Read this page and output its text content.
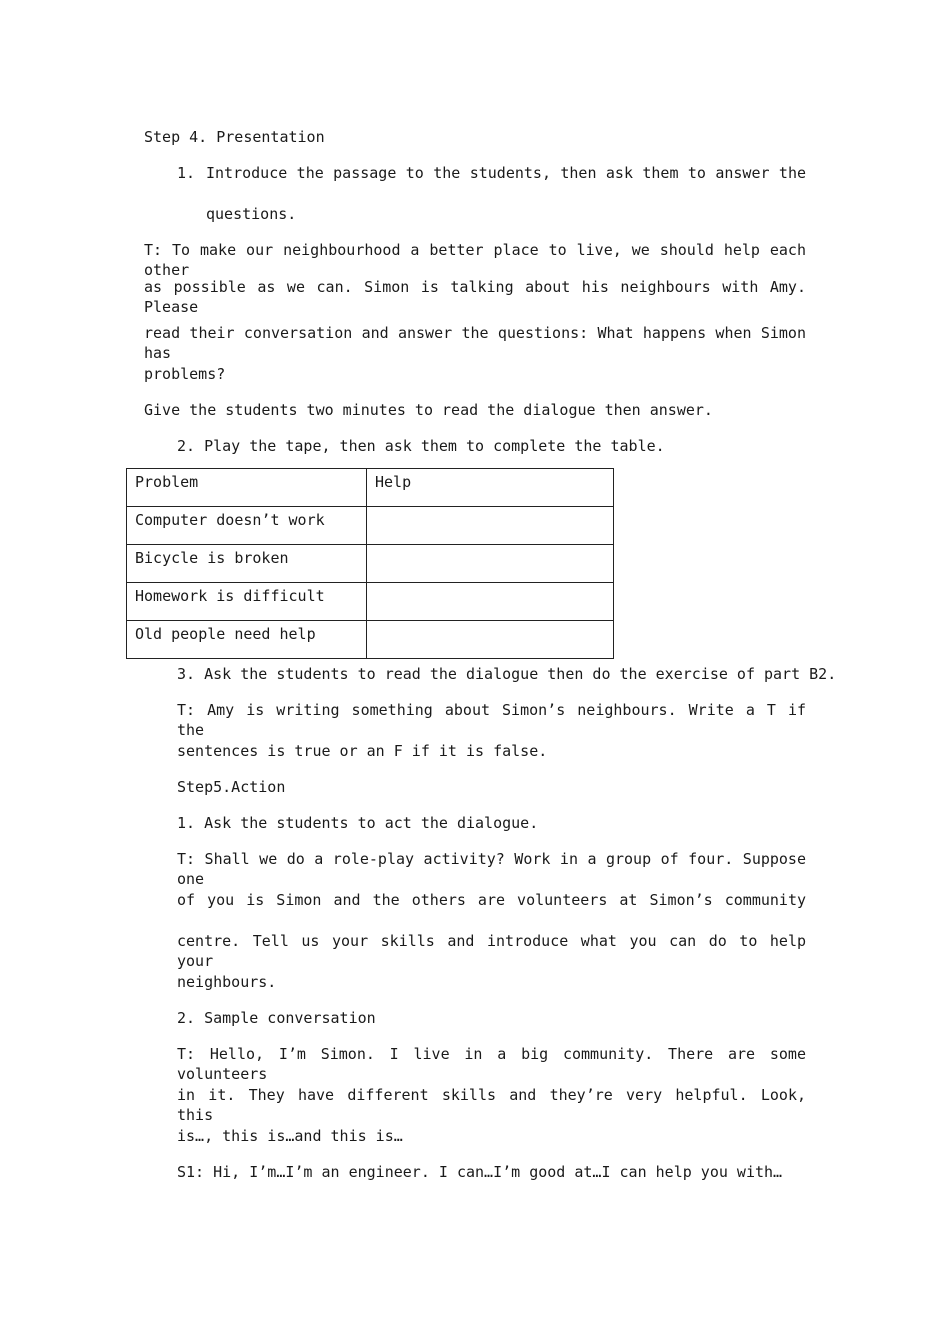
Step 4. Presentation

1. Introduce the passage to the students, then ask them to answer the

questions.

T: To make our neighbourhood a better place to live, we should help each other

as possible as we can. Simon is talking about his neighbours with Amy. Please

read their conversation and answer the questions: What happens when Simon has

problems?

Give the students two minutes to read the dialogue then answer.

2. Play the tape, then ask them to complete the table.

Problem	Help
Computer doesn’t work	
Bicycle is broken	
Homework is difficult	
Old people need help	

3. Ask the students to read the dialogue then do the exercise of part B2.

T: Amy is writing something about Simon’s neighbours. Write a T if the

sentences is true or an F if it is false.

Step5.Action

1. Ask the students to act the dialogue.

T: Shall we do a role-play activity? Work in a group of four. Suppose one

of you is Simon and the others are volunteers at Simon’s community

centre. Tell us your skills and introduce what you can do to help your

neighbours.

2. Sample conversation

T: Hello, I’m Simon. I live in a big community. There are some volunteers

in it. They have different skills and they’re very helpful. Look, this

is…, this is…and this is…

S1: Hi, I’m…I’m an engineer. I can…I’m good at…I can help you with…
